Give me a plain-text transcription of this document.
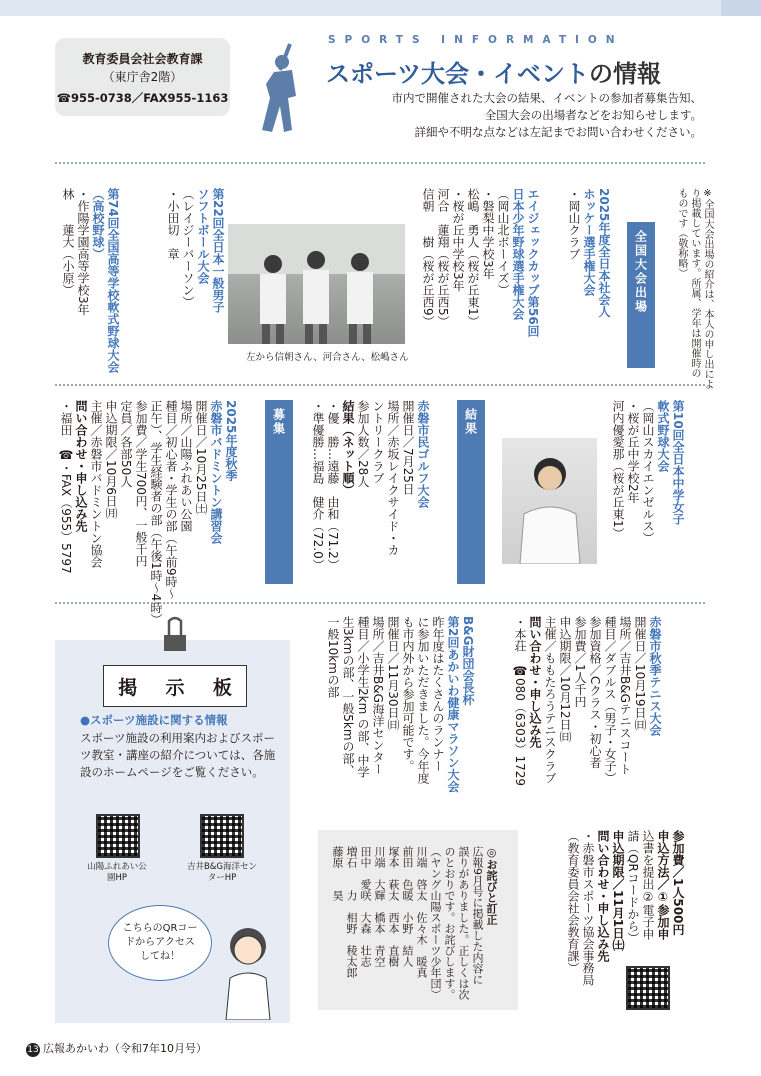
教育委員会社会教育課
（東庁舎2階）
☎955-0738／FAX955-1163
SPORTS INFORMATION
スポーツ大会・イベントの情報
市内で開催された大会の結果、イベントの参加者募集告知、
全国大会の出場者などをお知らせします。
詳細や不明な点などは左記までお問い合わせください。
※全国大会出場の紹介は、本人の申し出によ
り掲載しています。所属、学年は開催時の
ものです（敬称略）
全国大会出場
2025年度全日本社会人
ホッケー選手権大会
・岡山クラブ
エイジェックカップ第56回
日本少年野球選手権大会
（岡山北ボーイズ）
・磐梨中学校3年
松嶋　勇人（桜が丘東1）
・桜が丘中学校3年
河合　蓮翔（桜が丘西5）
信朝　　樹（桜が丘西9）
左から信朝さん、河合さん、松嶋さん
第22回全日本一般男子
ソフトボール大会
（レイジーパーソン）
・小田切　章
第74回全国高等学校軟式野球大会
（高校野球）
・作陽学園高等学校3年
林　　蓮大（小原）
第10回全日本中学女子
軟式野球大会
（岡山スカイエンゼルス）
・桜が丘中学校2年
河内優愛那（桜が丘東1）
結果
赤磐市民ゴルフ大会
開催日／7月25日
場所／赤坂レイクサイド・カ
ントリークラブ
参加人数／28人
結果（ネット順）
・優　勝…遠藤　由和（71.2）
・準優勝…福島　健介（72.0）
募集
2025年度秋季
赤磐市バドミントン講習会
開催日／10月25日㈯
場所／山陽ふれあい公園
種目／初心者・学生の部（午前9時～
正午）、学生経験者の部（午後1時～4時）
参加費／学生700円、一般千円
定員／各部50人
申込期限／10月6日㈪
主催／赤磐市バドミントン協会
問い合わせ・申し込み先
・福田　☎・FAX（955）5797
赤磐市秋季テニス大会
開催日／10月19日㈰
場所／吉井B&Gテニスコート
種目／ダブルス（男子・女子）
参加資格／Cクラス・初心者
参加費／1人千円
申込期限／10月12日㈰
主催／ももたろうテニスクラブ
問い合わせ・申し込み先
・本荘　☎080（6303）1729
B&G財団会長杯
第2回あかいわ健康マラソン大会
昨年度はたくさんのランナー
に参加いただきました。今年度
も市内外から参加可能です。
開催日／11月30日㈰
場所／吉井B&G海洋センター
種目／小学生2km の部、中学
生3kmの部、一般5kmの部、
一般10kmの部
参加費／1人500円
申込方法／①参加申
込書を提出②電子申
請（QRコードから）
申込期限／11月1日㈯
問い合わせ・申し込み先
・赤磐市スポーツ協会事務局
（教育委員会社会教育課）
◎お詫びと訂正
広報9月号に掲載した内容に
誤りがありました。正しくは次
のとおりです。お詫びします。
（ヤング山陽スポーツ少年団）
川端　啓太　佐々木　暖真
前田　色暖　小野　結人
塚本　萩太　西本　直樹
川端　大輝　橋本　青空
田中　愛咲　大森　壮志
増石　　力　相野　稜太郎
藤原　　昊
掲 示 板
●スポーツ施設に関する情報
スポーツ施設の利用案内およびスポーツ教室・講座の紹介については、各施設のホームページをご覧ください。
山陽ふれあい公園HP
吉井B&G海洋センターHP
こちらのQRコードからアクセスしてね！
13 広報あかいわ（令和7年10月号）
